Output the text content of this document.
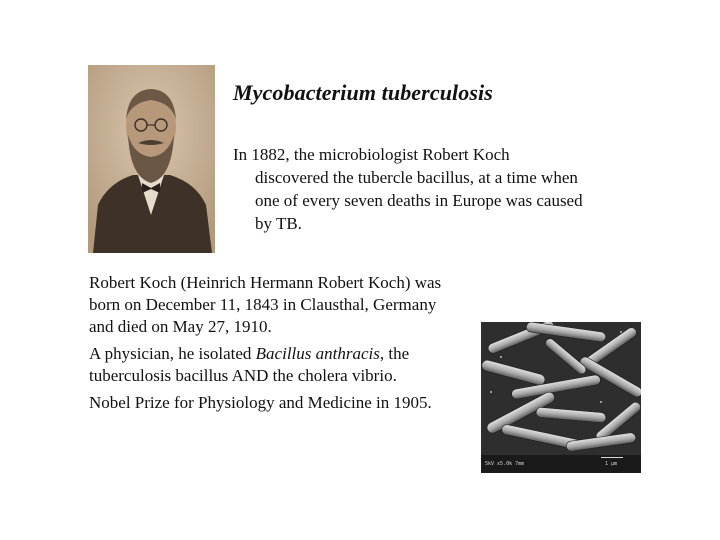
Mycobacterium tuberculosis

In 1882, the microbiologist Robert Koch
discovered the tubercle bacillus, at a time when
one of every seven deaths in Europe was caused
by TB.

Robert Koch (Heinrich Hermann Robert Koch) was
born on December 11, 1843 in Clausthal, Germany
and died on May 27, 1910.

A physician, he isolated Bacillus anthracis, the
tuberculosis bacillus AND the cholera vibrio.

Nobel Prize for Physiology and Medicine in 1905.

5kV x5.0k 7mm	1 μm
